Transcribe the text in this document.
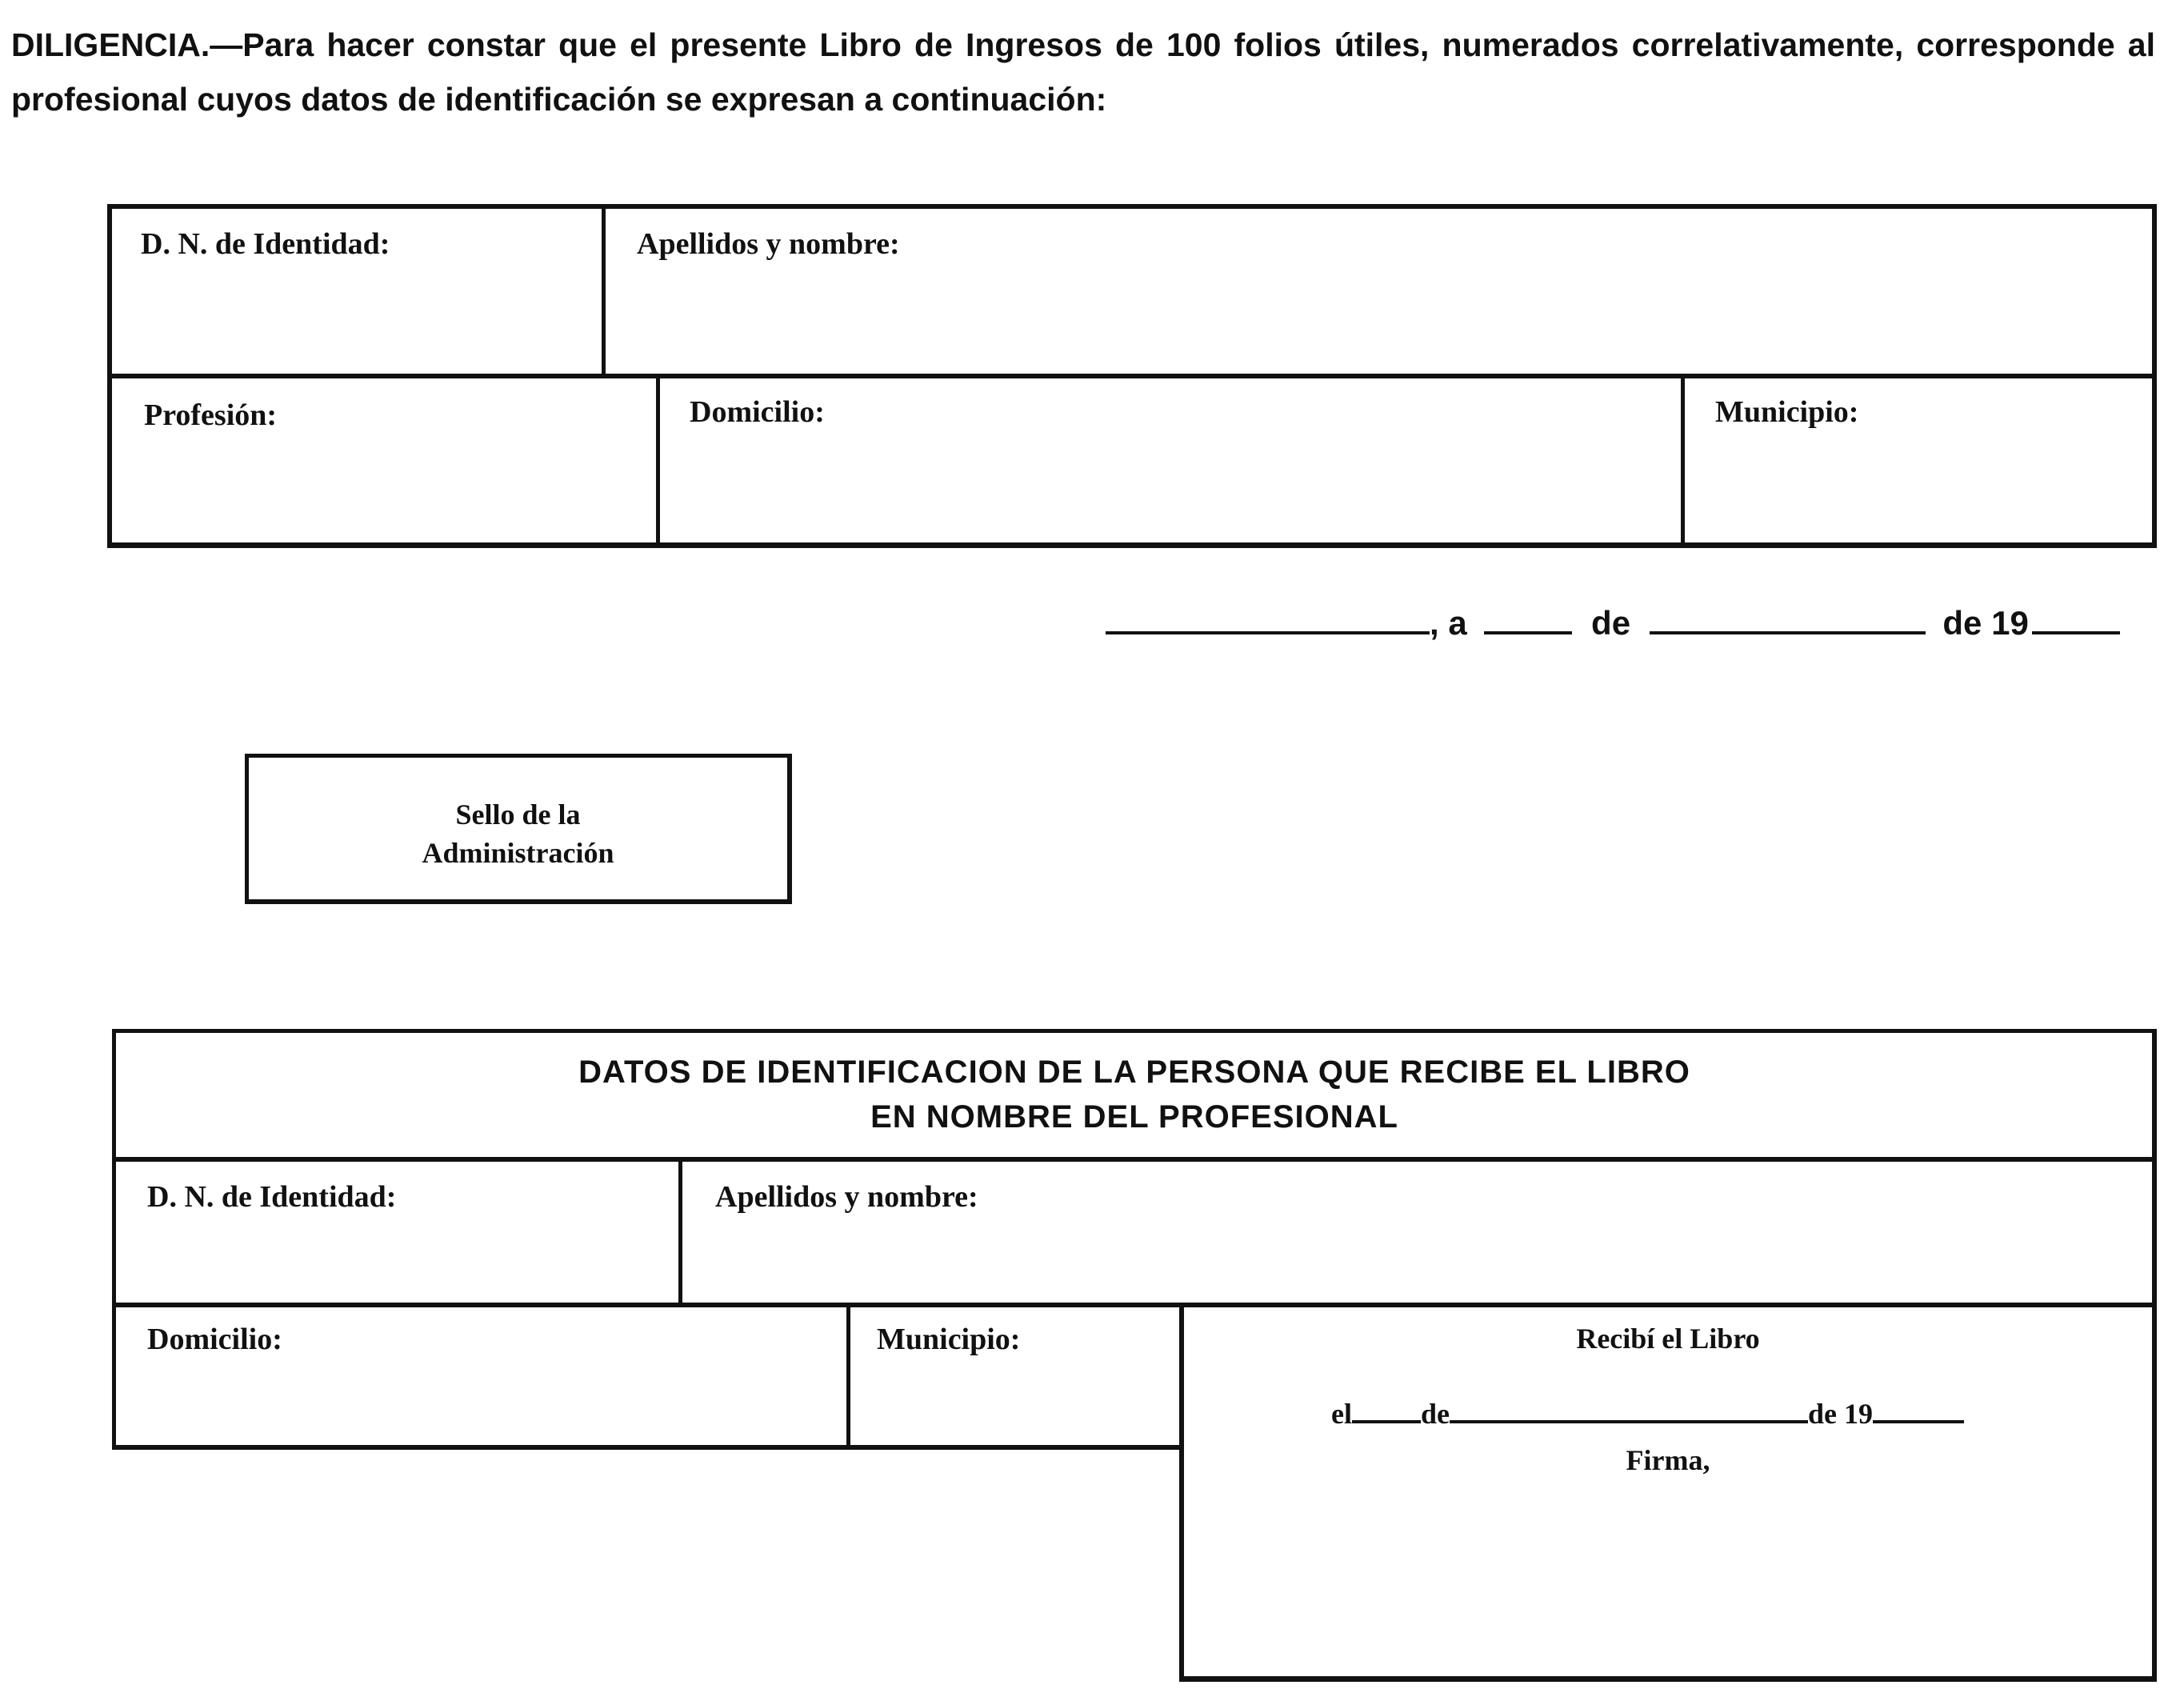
DILIGENCIA.—Para hacer constar que el presente Libro de Ingresos de 100 folios útiles, numerados correlativamente, corresponde al profesional cuyos datos de identificación se expresan a continuación:
D. N. de Identidad:	Apellidos y nombre:
Profesión:	Domicilio:	Municipio:
, a	de	de 19
Sello de la
Administración
DATOS DE IDENTIFICACION DE LA PERSONA QUE RECIBE EL LIBRO
EN NOMBRE DEL PROFESIONAL
D. N. de Identidad:	Apellidos y nombre:
Domicilio:	Municipio:	Recibí el Libro
el de	de 19
Firma,
